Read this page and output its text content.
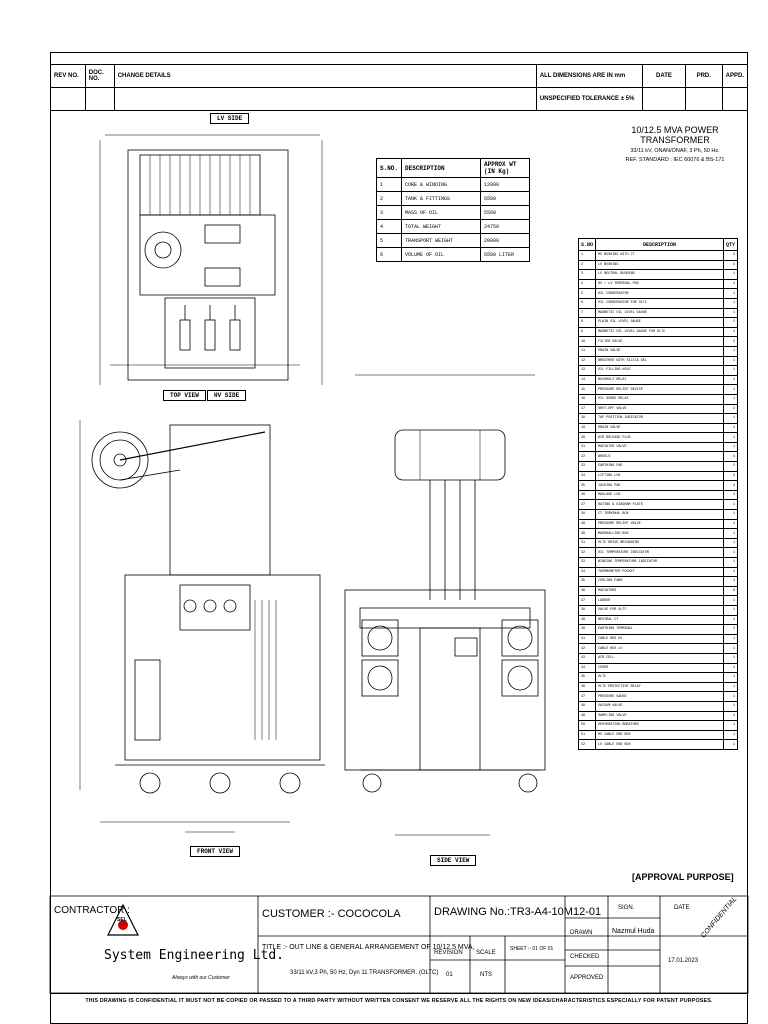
REV NO.	DOC. NO.	CHANGE DETAILS	ALL DIMENSIONS ARE IN mm	DATE	PRD.	APPD.
			UNSPECIFIED TOLERANCE ± 5%			
10/12.5 MVA POWER TRANSFORMER
33/11 kV, ONAN/ONAF, 3 Ph, 50 Hz.
REF. STANDARD : IEC 60076 & BS-171
S.NO.	DESCRIPTION	APPROX WT (IN Kg)
1	CORE & WINDING	12000
2	TANK & FITTINGS	6500
3	MASS OF OIL	5560
4	TOTAL WEIGHT	24750
5	TRANSPORT WEIGHT	20000
6	VOLUME OF OIL	6500 LITER
S.NO	DESCRIPTION	QTY
1	HV BUSHING WITH CT	3
2	LV BUSHING	3
3	LV NEUTRAL BUSHING	1
4	HV / LV TERMINAL PAD	1
5	OIL CONSERVATOR	1
6	OIL CONSERVATOR FOR OLTC	1
7	MAGNETIC OIL LEVEL GAUGE	1
8	PLAIN OIL LEVEL GAUGE	2
9	MAGNETIC OIL LEVEL GAUGE FOR OLTC	1
10	FILTER VALVE	2
11	DRAIN VALVE	1
12	BREATHER WITH SILICA GEL	1
13	OIL FILLING HOLE	1
14	BUCHHOLZ RELAY	1
15	PRESSURE RELIEF DEVICE	1
16	OIL SURGE RELAY	1
17	SHUT-OFF VALVE	2
18	TAP POSITION INDICATOR	1
19	DRAIN VALVE	1
20	AIR RELEASE PLUG	1
21	RADIATOR VALVE	1
22	WHEELS	4
23	EARTHING PAD	2
24	LIFTING LUG	2
25	JACKING PAD	4
26	HAULAGE LUG	4
27	RATING & DIAGRAM PLATE	1
28	CT TERMINAL BOX	1
29	PRESSURE RELIEF VALVE	1
30	MARSHALLING BOX	1
31	OLTC DRIVE MECHANISM	1
32	OIL TEMPERATURE INDICATOR	1
33	WINDING TEMPERATURE INDICATOR	1
34	THERMOMETER POCKET	1
35	COOLING FANS	4
36	RADIATORS	6
37	LADDER	1
38	VALVE FOR OLTC	1
39	NEUTRAL CT	1
40	EARTHING TERMINAL	2
41	CABLE BOX HV	1
42	CABLE BOX LV	1
43	AIR CELL	1
44	COVER	1
45	OLTC	1
46	OLTC PROTECTIVE RELAY	1
47	PRESSURE GAUGE	1
48	VACUUM VALVE	1
49	SAMPLING VALVE	1
50	DEHYDRATING BREATHER	1
51	HV CABLE END BOX	1
52	LV CABLE END BOX	1
LV SIDE
TOP VIEW	HV SIDE
FRONT VIEW
SIDE VIEW
[APPROVAL PURPOSE]
CONTRACTOR :
SEL
System Engineering Ltd.
Always with our Customer
CUSTOMER :- COCOCOLA	DRAWING No.:TR3-A4-10M12-01
TITLE :- OUT LINE & GENERAL ARRANGEMENT OF 10/12.5 MVA,
33/11 kV,3 Ph, 50 Hz, Dyn 11 TRANSFORMER. (OLTC)
REVISION
01
SCALE
NTS
SHEET :- 01 OF 01
SIGN.	DATE
DRAWN	Nazmul Huda
CHECKED
APPROVED
17.01.2023
CONFIDENTIAL
THIS DRAWING IS CONFIDENTIAL IT MUST NOT BE COPIED OR PASSED TO A THIRD PARTY WITHOUT WRITTEN CONSENT WE RESERVE ALL THE RIGHTS ON NEW IDEAS/CHARACTERISTICS ESPECIALLY FOR PATENT PURPOSES.
